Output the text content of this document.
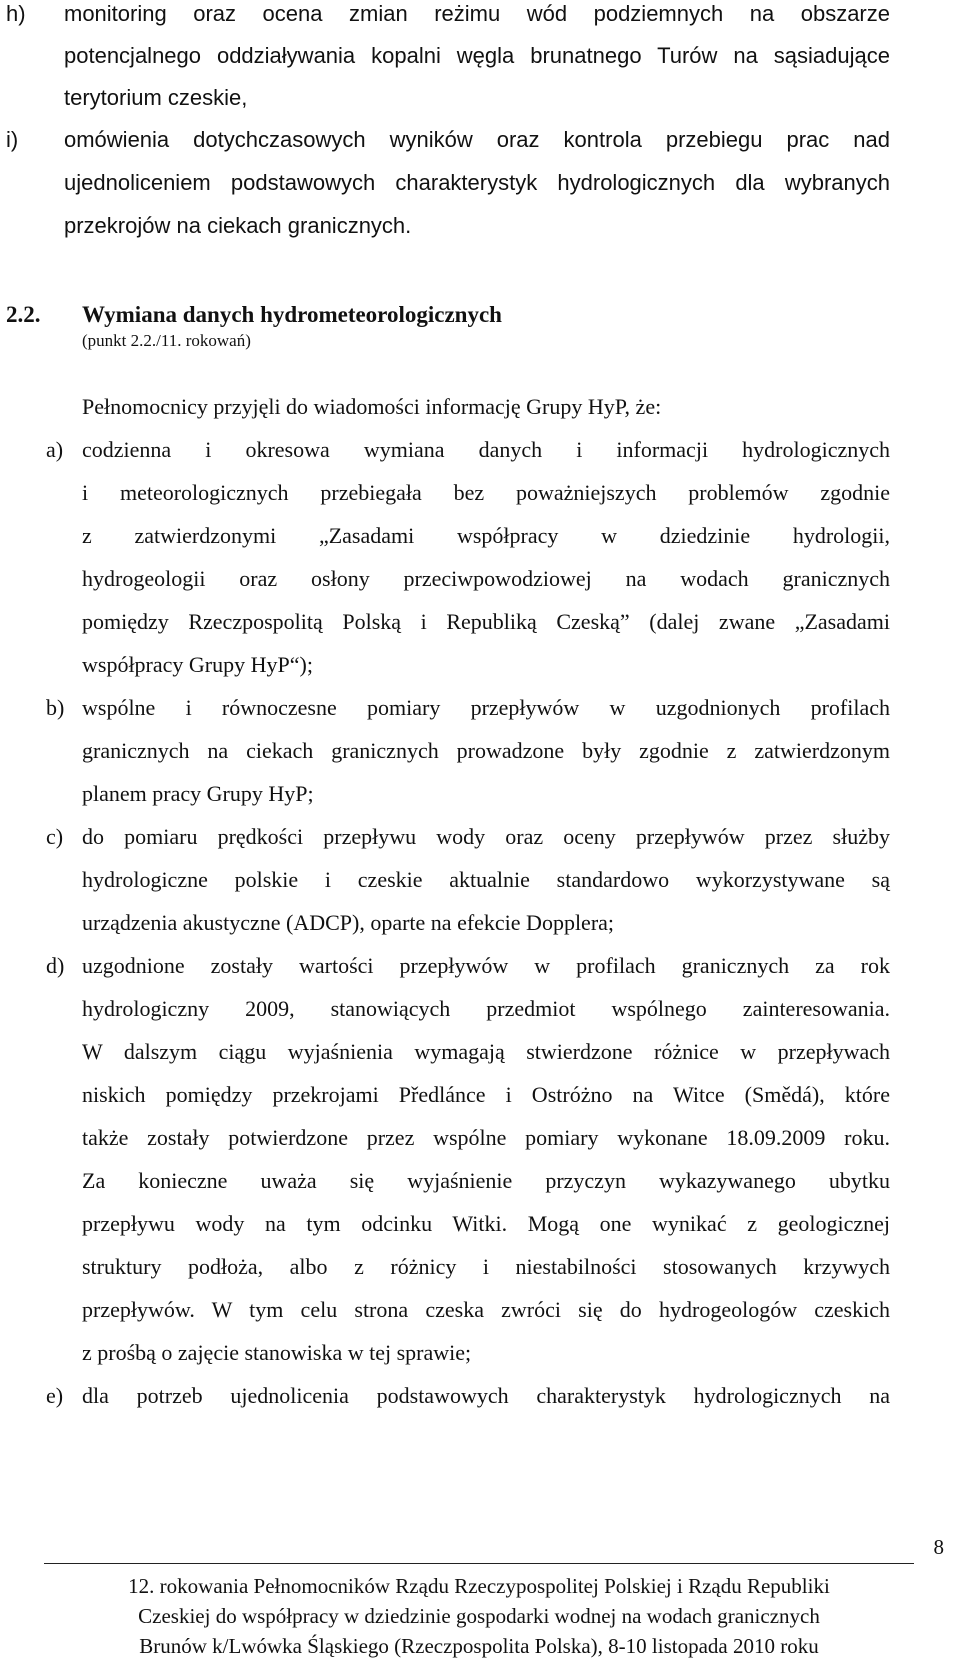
h) monitoring oraz ocena zmian reżimu wód podziemnych na obszarze
potencjalnego oddziaływania kopalni węgla brunatnego Turów na sąsiadujące
terytorium czeskie,
i) omówienia dotychczasowych wyników oraz kontrola przebiegu prac nad
ujednoliceniem podstawowych charakterystyk hydrologicznych dla wybranych
przekrojów na ciekach granicznych.
2.2. Wymiana danych hydrometeorologicznych
(punkt 2.2./11. rokowań)
Pełnomocnicy przyjęli do wiadomości informację Grupy HyP, że:
a) codzienna i okresowa wymiana danych i informacji hydrologicznych
i meteorologicznych przebiegała bez poważniejszych problemów zgodnie
z zatwierdzonymi „Zasadami współpracy w dziedzinie hydrologii,
hydrogeologii oraz osłony przeciwpowodziowej na wodach granicznych
pomiędzy Rzeczpospolitą Polską i Republiką Czeską” (dalej zwane „Zasadami
współpracy Grupy HyP“);
b) wspólne i równoczesne pomiary przepływów w uzgodnionych profilach
granicznych na ciekach granicznych prowadzone były zgodnie z zatwierdzonym
planem pracy Grupy HyP;
c) do pomiaru prędkości przepływu wody oraz oceny przepływów przez służby
hydrologiczne polskie i czeskie aktualnie standardowo wykorzystywane są
urządzenia akustyczne (ADCP), oparte na efekcie Dopplera;
d) uzgodnione zostały wartości przepływów w profilach granicznych za rok
hydrologiczny 2009, stanowiących przedmiot wspólnego zainteresowania.
W dalszym ciągu wyjaśnienia wymagają stwierdzone różnice w przepływach
niskich pomiędzy przekrojami Předlánce i Ostróżno na Witce (Smědá), które
także zostały potwierdzone przez wspólne pomiary wykonane 18.09.2009 roku.
Za konieczne uważa się wyjaśnienie przyczyn wykazywanego ubytku
przepływu wody na tym odcinku Witki. Mogą one wynikać z geologicznej
struktury podłoża, albo z różnicy i niestabilności stosowanych krzywych
przepływów. W tym celu strona czeska zwróci się do hydrogeologów czeskich
z prośbą o zajęcie stanowiska w tej sprawie;
e) dla potrzeb ujednolicenia podstawowych charakterystyk hydrologicznych na
8
12. rokowania Pełnomocników Rządu Rzeczypospolitej Polskiej i Rządu Republiki
Czeskiej do współpracy w dziedzinie gospodarki wodnej na wodach granicznych
Brunów k/Lwówka Śląskiego (Rzeczpospolita Polska), 8-10 listopada 2010 roku
